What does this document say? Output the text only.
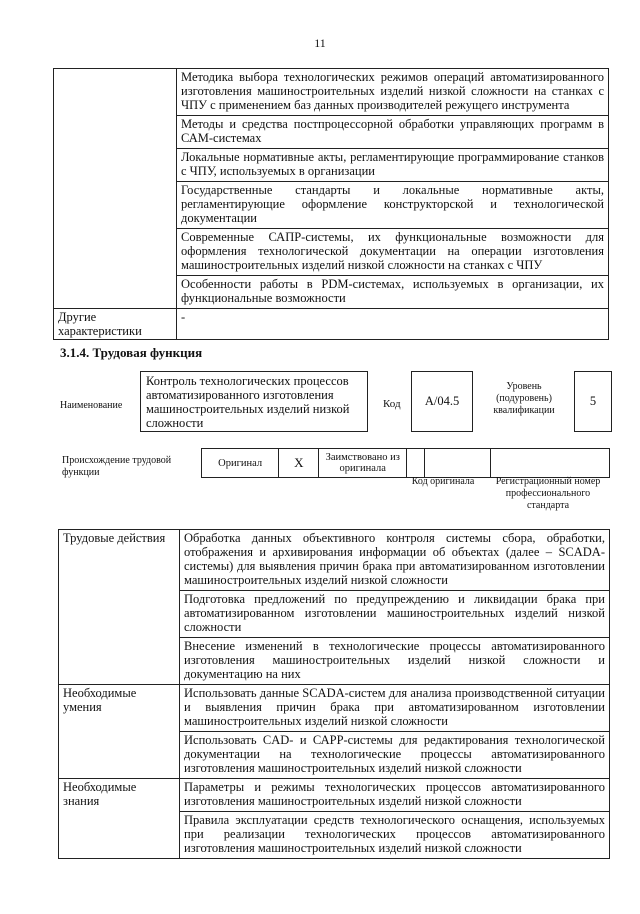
11
	Методика выбора технологических режимов операций автоматизированного изготовления машиностроительных изделий низкой сложности на станках с ЧПУ с применением баз данных производителей режущего инструмента
	Методы и средства постпроцессорной обработки управляющих программ в САМ-системах
	Локальные нормативные акты, регламентирующие программирование станков с ЧПУ, используемых в организации
	Государственные стандарты и локальные нормативные акты, регламентирующие оформление конструкторской и технологической документации
	Современные САПР-системы, их функциональные возможности для оформления технологической документации на операции изготовления машиностроительных изделий низкой сложности на станках с ЧПУ
	Особенности работы в PDM-системах, используемых в организации, их функциональные возможности
Другие характеристики	-
3.1.4. Трудовая функция
Наименование
Контроль технологических процессов автоматизированного изготовления машиностроительных изделий низкой сложности
Код	A/04.5
Уровень (подуровень) квалификации
5
Происхождение трудовой функции
Оригинал	X	Заимствовано из оригинала			
Код оригинала	Регистрационный номер профессионального стандарта
Трудовые действия	Обработка данных объективного контроля системы сбора, обработки, отображения и архивирования информации об объектах (далее – SCADA-системы) для выявления причин брака при автоматизированном изготовлении машиностроительных изделий низкой сложности
	Подготовка предложений по предупреждению и ликвидации брака при автоматизированном изготовлении машиностроительных изделий низкой сложности
	Внесение изменений в технологические процессы автоматизированного изготовления машиностроительных изделий низкой сложности и документацию на них
Необходимые умения	Использовать данные SCADA-систем для анализа производственной ситуации и выявления причин брака при автоматизированном изготовлении машиностроительных изделий низкой сложности
	Использовать CAD- и САРР-системы для редактирования технологической документации на технологические процессы автоматизированного изготовления машиностроительных изделий низкой сложности
Необходимые знания	Параметры и режимы технологических процессов автоматизированного изготовления машиностроительных изделий низкой сложности
	Правила эксплуатации средств технологического оснащения, используемых при реализации технологических процессов автоматизированного изготовления машиностроительных изделий низкой сложности
